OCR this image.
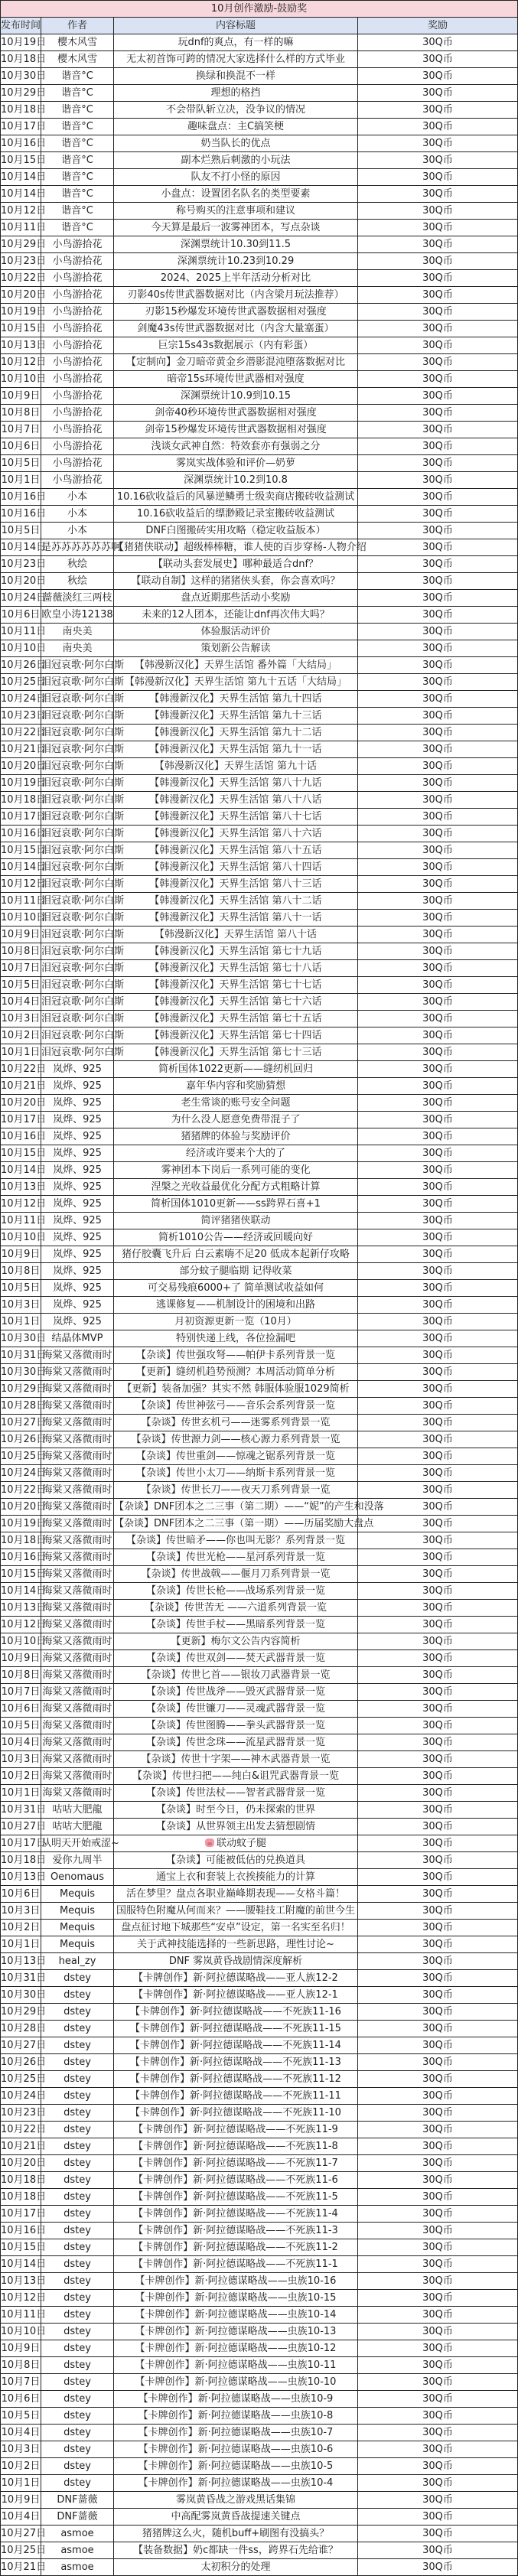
10月创作激励-鼓励奖			
发布时间	作者	内容标题	奖励
10月19日	樱木风雪	玩dnf的爽点，有一样的嘛	30Q币
10月18日	樱木风雪	无太初首饰可跨的情况大家选择什么样的方式毕业	30Q币
10月30日	谐音°C	换绿和换混不一样	30Q币
10月29日	谐音°C	理想的格挡	30Q币
10月18日	谐音°C	不会带队斩立决，没争议的情况	30Q币
10月17日	谐音°C	趣味盘点：主C搞笑梗	30Q币
10月16日	谐音°C	奶当队长的优点	30Q币
10月15日	谐音°C	副本烂熟后刺激的小玩法	30Q币
10月14日	谐音°C	队友不打小怪的原因	30Q币
10月14日	谐音°C	小盘点：设置团名队名的类型要素	30Q币
10月12日	谐音°C	称号购买的注意事项和建议	30Q币
10月11日	谐音°C	今天算是最后一波雾神团本，写点杂谈	30Q币
10月29日	小鸟游拾花	深渊票统计10.30到11.5	30Q币
10月23日	小鸟游拾花	深渊票统计10.23到10.29	30Q币
10月22日	小鸟游拾花	2024、2025上半年活动分析对比	30Q币
10月20日	小鸟游拾花	刃影40s传世武器数据对比（内含梁月玩法推荐）	30Q币
10月19日	小鸟游拾花	刃影15秒爆发环境传世武器数据相对强度	30Q币
10月15日	小鸟游拾花	剑魔43s传世武器数据对比（内含大量塞蛋）	30Q币
10月13日	小鸟游拾花	巨宗15s43s数据展示（内有彩蛋）	30Q币
10月12日	小鸟游拾花	【定制向】金刀暗帝黄金乡潜影混沌堕落数据对比	30Q币
10月10日	小鸟游拾花	暗帝15s环境传世武器相对强度	30Q币
10月9日	小鸟游拾花	深渊票统计10.9到10.15	30Q币
10月8日	小鸟游拾花	剑帝40秒环境传世武器数据相对强度	30Q币
10月7日	小鸟游拾花	剑帝15秒爆发环境传世武器数据相对强度	30Q币
10月6日	小鸟游拾花	浅谈女武神自然：特效套亦有强弱之分	30Q币
10月5日	小鸟游拾花	雾岚实战体验和评价—奶萝	30Q币
10月1日	小鸟游拾花	深渊票统计10.2到10.8	30Q币
10月16日	小本	10.16砍收益后的风暴逆鳞勇士级卖商店搬砖收益测试	30Q币
10月16日	小本	10.16砍收益后的缥渺殿记录室搬砖收益测试	30Q币
10月5日	小本	DNF白图搬砖实用攻略（稳定收益版本）	30Q币
10月14日	是苏苏苏苏苏苏啊	【猪猪侠联动】超级棒棒糖，谁人使的百步穿杨-人物介绍	30Q币
10月23日	秋绘	【联动头套发展史】哪种最适合dnf？	30Q币
10月20日	秋绘	【联动自制】这样的猪猪侠头套，你会喜欢吗？	30Q币
10月24日	蔷薇淡红三两枝	盘点近期那些活动小奖励	30Q币
10月6日	欧皇小涛12138	未来的12人团本，还能让dnf再次伟大吗？	30Q币
10月11日	南央美	体验服活动评价	30Q币
10月10日	南央美	策划新公告解读	30Q币
10月26日	泪冠哀歌·阿尔白斯	【韩漫新汉化】天界生活馆 番外篇「大结局」	30Q币
10月25日	泪冠哀歌·阿尔白斯	【韩漫新汉化】天界生活馆 第九十五话「大结局」	30Q币
10月24日	泪冠哀歌·阿尔白斯	【韩漫新汉化】天界生活馆 第九十四话	30Q币
10月23日	泪冠哀歌·阿尔白斯	【韩漫新汉化】天界生活馆 第九十三话	30Q币
10月22日	泪冠哀歌·阿尔白斯	【韩漫新汉化】天界生活馆 第九十二话	30Q币
10月21日	泪冠哀歌·阿尔白斯	【韩漫新汉化】天界生活馆 第九十一话	30Q币
10月20日	泪冠哀歌·阿尔白斯	【韩漫新汉化】天界生活馆 第九十话	30Q币
10月19日	泪冠哀歌·阿尔白斯	【韩漫新汉化】天界生活馆 第八十九话	30Q币
10月18日	泪冠哀歌·阿尔白斯	【韩漫新汉化】天界生活馆 第八十八话	30Q币
10月17日	泪冠哀歌·阿尔白斯	【韩漫新汉化】天界生活馆 第八十七话	30Q币
10月16日	泪冠哀歌·阿尔白斯	【韩漫新汉化】天界生活馆 第八十六话	30Q币
10月15日	泪冠哀歌·阿尔白斯	【韩漫新汉化】天界生活馆 第八十五话	30Q币
10月14日	泪冠哀歌·阿尔白斯	【韩漫新汉化】天界生活馆 第八十四话	30Q币
10月12日	泪冠哀歌·阿尔白斯	【韩漫新汉化】天界生活馆 第八十三话	30Q币
10月11日	泪冠哀歌·阿尔白斯	【韩漫新汉化】天界生活馆 第八十二话	30Q币
10月10日	泪冠哀歌·阿尔白斯	【韩漫新汉化】天界生活馆 第八十一话	30Q币
10月9日	泪冠哀歌·阿尔白斯	【韩漫新汉化】天界生活馆 第八十话	30Q币
10月8日	泪冠哀歌·阿尔白斯	【韩漫新汉化】天界生活馆 第七十九话	30Q币
10月7日	泪冠哀歌·阿尔白斯	【韩漫新汉化】天界生活馆 第七十八话	30Q币
10月5日	泪冠哀歌·阿尔白斯	【韩漫新汉化】天界生活馆 第七十七话	30Q币
10月4日	泪冠哀歌·阿尔白斯	【韩漫新汉化】天界生活馆 第七十六话	30Q币
10月3日	泪冠哀歌·阿尔白斯	【韩漫新汉化】天界生活馆 第七十五话	30Q币
10月2日	泪冠哀歌·阿尔白斯	【韩漫新汉化】天界生活馆 第七十四话	30Q币
10月1日	泪冠哀歌·阿尔白斯	【韩漫新汉化】天界生活馆 第七十三话	30Q币
10月22日	岚烨、925	简析国体1022更新——缝纫机回归	30Q币
10月21日	岚烨、925	嘉年华内容和奖励猜想	30Q币
10月20日	岚烨、925	老生常谈的账号安全问题	30Q币
10月17日	岚烨、925	为什么没人愿意免费带混子了	30Q币
10月16日	岚烨、925	猪猪牌的体验与奖励评价	30Q币
10月15日	岚烨、925	经济或许要来个大的了	30Q币
10月14日	岚烨、925	雾神团本下岗后一系列可能的变化	30Q币
10月13日	岚烨、925	涅槃之光收益最优化分配方式粗略计算	30Q币
10月12日	岚烨、925	简析国体1010更新——ss跨界石喜+1	30Q币
10月11日	岚烨、925	简评猪猪侠联动	30Q币
10月10日	岚烨、925	简析1010公告——经济或回暖向好	30Q币
10月9日	岚烨、925	猪仔胶囊飞升后 白云素嗨不足20 低成本起新仔攻略	30Q币
10月8日	岚烨、925	部分蚊子腿临期 记得收菜	30Q币
10月5日	岚烨、925	可交易残痕6000+了 简单测试收益如何	30Q币
10月3日	岚烨、925	逃课修复——机制设计的困境和出路	30Q币
10月1日	岚烨、925	月初资源更新一览（10月）	30Q币
10月30日	结晶体MVP	特别快递上线，各位捡漏吧	30Q币
10月31日	海棠又落微雨时	【杂谈】传世强攻弩——帕伊卡系列背景一览	30Q币
10月30日	海棠又落微雨时	【更新】缝纫机趋势预测？本周活动简单分析	30Q币
10月29日	海棠又落微雨时	【更新】装备加强？其实不然 韩服体验服1029简析	30Q币
10月28日	海棠又落微雨时	【杂谈】传世神弦弓——音乐会系列背景一览	30Q币
10月27日	海棠又落微雨时	【杂谈】传世玄机弓——迷雾系列背景一览	30Q币
10月26日	海棠又落微雨时	【杂谈】传世源力剑——核心源力系列背景一览	30Q币
10月25日	海棠又落微雨时	【杂谈】传世重剑——惊魂之锯系列背景一览	30Q币
10月24日	海棠又落微雨时	【杂谈】传世小太刀——纳斯卡系列背景一览	30Q币
10月22日	海棠又落微雨时	【杂谈】传世长刀——夜天刀系列背景一览	30Q币
10月20日	海棠又落微雨时	【杂谈】DNF团本之二三事（第二期）——“妮”的产生和没落	30Q币
10月19日	海棠又落微雨时	【杂谈】DNF团本之二三事（第一期）——历届奖励大盘点	30Q币
10月18日	海棠又落微雨时	【杂谈】传世暗矛——你也叫无影？系列背景一览	30Q币
10月16日	海棠又落微雨时	【杂谈】传世光枪——星河系列背景一览	30Q币
10月15日	海棠又落微雨时	【杂谈】传世战戟——偃月刀系列背景一览	30Q币
10月14日	海棠又落微雨时	【杂谈】传世长枪——战场系列背景一览	30Q币
10月13日	海棠又落微雨时	【杂谈】传世苦无 ——六道系列背景一览	30Q币
10月12日	海棠又落微雨时	【杂谈】传世手杖——黑暗系列背景一览	30Q币
10月10日	海棠又落微雨时	【更新】梅尔文公告内容简析	30Q币
10月9日	海棠又落微雨时	【杂谈】传世双剑——焚天武器背景一览	30Q币
10月8日	海棠又落微雨时	【杂谈】传世匕首——银妆刀武器背景一览	30Q币
10月7日	海棠又落微雨时	【杂谈】传世战斧——毁灭武器背景一览	30Q币
10月6日	海棠又落微雨时	【杂谈】传世镰刀——灵魂武器背景一览	30Q币
10月5日	海棠又落微雨时	【杂谈】传世图腾——拳头武器背景一览	30Q币
10月4日	海棠又落微雨时	【杂谈】传世念珠——流星武器背景一览	30Q币
10月3日	海棠又落微雨时	【杂谈】传世十字架——神木武器背景一览	30Q币
10月2日	海棠又落微雨时	【杂谈】传世扫把——纯白&诅咒武器背景一览	30Q币
10月1日	海棠又落微雨时	【杂谈】传世法杖——智者武器背景一览	30Q币
10月31日	咕咕大肥龍	【杂谈】时至今日，仍未探索的世界	30Q币
10月27日	咕咕大肥龍	【杂谈】从世界领主出发去猜想剧情	30Q币
10月17日	从明天开始戒涩~	联动蚊子腿	30Q币
10月18日	爱你九周半	【杂谈】可能被低估的兑换道具	30Q币
10月13日	Oenomaus	通宝上衣和套装上衣挨揍能力的计算	30Q币
10月6日	Mequis	活在梦里？盘点各职业巅峰期表现——女格斗篇！	30Q币
10月3日	Mequis	国服特色附魔从何而来？——腰鞋技工附魔的前世今生	30Q币
10月2日	Mequis	盘点征讨地下城那些“安卓”设定，第一名实至名归！	30Q币
10月1日	Mequis	关于武神技能选择的一些新思路，理性讨论~	30Q币
10月13日	heal_zy	DNF 雾岚黄昏战剧情深度解析	30Q币
10月31日	dstey	【卡牌创作】新·阿拉德谋略战——亚人族12-2	30Q币
10月30日	dstey	【卡牌创作】新·阿拉德谋略战——亚人族12-1	30Q币
10月29日	dstey	【卡牌创作】新·阿拉德谋略战——不死族11-16	30Q币
10月28日	dstey	【卡牌创作】新·阿拉德谋略战——不死族11-15	30Q币
10月27日	dstey	【卡牌创作】新·阿拉德谋略战——不死族11-14	30Q币
10月26日	dstey	【卡牌创作】新·阿拉德谋略战——不死族11-13	30Q币
10月25日	dstey	【卡牌创作】新·阿拉德谋略战——不死族11-12	30Q币
10月24日	dstey	【卡牌创作】新·阿拉德谋略战——不死族11-11	30Q币
10月23日	dstey	【卡牌创作】新·阿拉德谋略战——不死族11-10	30Q币
10月22日	dstey	【卡牌创作】新·阿拉德谋略战——不死族11-9	30Q币
10月21日	dstey	【卡牌创作】新·阿拉德谋略战——不死族11-8	30Q币
10月20日	dstey	【卡牌创作】新·阿拉德谋略战——不死族11-7	30Q币
10月18日	dstey	【卡牌创作】新·阿拉德谋略战——不死族11-6	30Q币
10月18日	dstey	【卡牌创作】新·阿拉德谋略战——不死族11-5	30Q币
10月17日	dstey	【卡牌创作】新·阿拉德谋略战——不死族11-4	30Q币
10月16日	dstey	【卡牌创作】新·阿拉德谋略战——不死族11-3	30Q币
10月15日	dstey	【卡牌创作】新·阿拉德谋略战——不死族11-2	30Q币
10月14日	dstey	【卡牌创作】新·阿拉德谋略战——不死族11-1	30Q币
10月13日	dstey	【卡牌创作】新·阿拉德谋略战——虫族10-16	30Q币
10月12日	dstey	【卡牌创作】新·阿拉德谋略战——虫族10-15	30Q币
10月11日	dstey	【卡牌创作】新·阿拉德谋略战——虫族10-14	30Q币
10月10日	dstey	【卡牌创作】新·阿拉德谋略战——虫族10-13	30Q币
10月9日	dstey	【卡牌创作】新·阿拉德谋略战——虫族10-12	30Q币
10月8日	dstey	【卡牌创作】新·阿拉德谋略战——虫族10-11	30Q币
10月7日	dstey	【卡牌创作】新·阿拉德谋略战——虫族10-10	30Q币
10月6日	dstey	【卡牌创作】新·阿拉德谋略战——虫族10-9	30Q币
10月5日	dstey	【卡牌创作】新·阿拉德谋略战——虫族10-8	30Q币
10月4日	dstey	【卡牌创作】新·阿拉德谋略战——虫族10-7	30Q币
10月3日	dstey	【卡牌创作】新·阿拉德谋略战——虫族10-6	30Q币
10月2日	dstey	【卡牌创作】新·阿拉德谋略战——虫族10-5	30Q币
10月1日	dstey	【卡牌创作】新·阿拉德谋略战——虫族10-4	30Q币
10月9日	DNF蔷薇	雾岚黄昏战之游戏黑话集锦	30Q币
10月4日	DNF蔷薇	中高配雾岚黄昏战提速关键点	30Q币
10月27日	asmoe	猪猪牌这么火，随机buff+刷图有没搞头？	30Q币
10月25日	asmoe	【装备数据】奶c都缺一件ss，跨界石先给谁？	30Q币
10月21日	asmoe	太初积分的处理	30Q币
